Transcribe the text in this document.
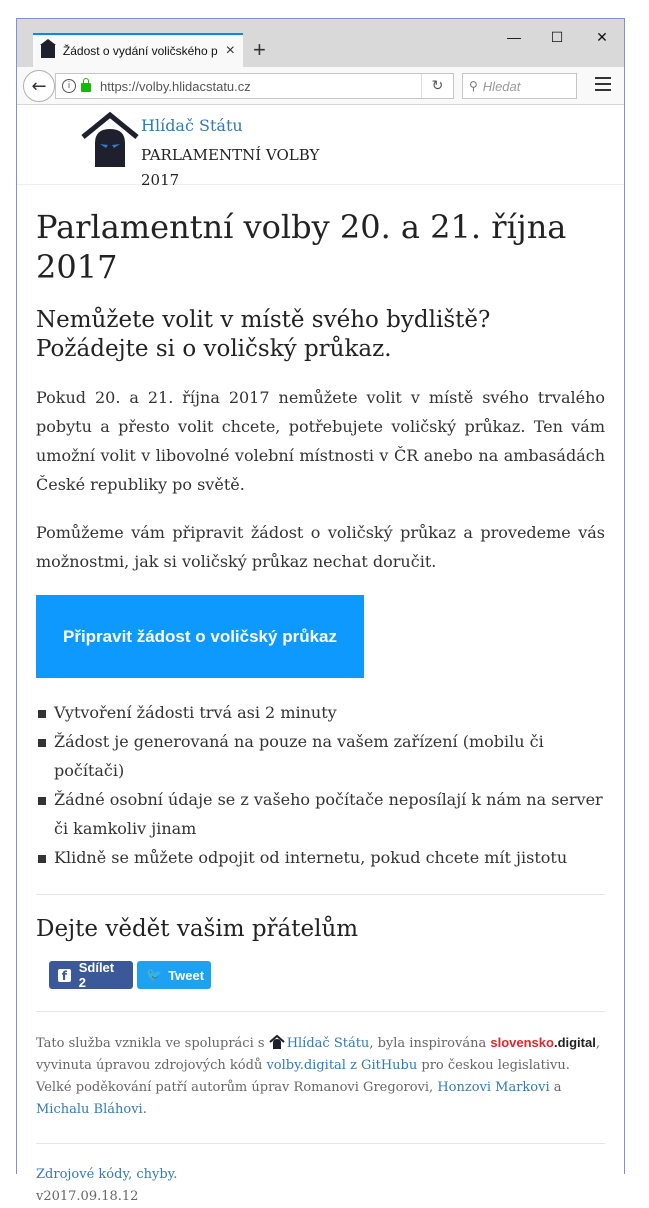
Žádost o vydání voličského p × +	— ☐ ✕
←	i	https://volby.hlidacstatu.cz	↻	⚲ Hledat
Hlídač Státu
PARLAMENTNÍ VOLBY 2017
Parlamentní volby 20. a 21. října 2017
Nemůžete volit v místě svého bydliště? Požádejte si o voličský průkaz.

Pokud 20. a 21. října 2017 nemůžete volit v místě svého trvalého pobytu a přesto volit chcete, potřebujete voličský průkaz. Ten vám umožní volit v libovolné volební místnosti v ČR anebo na ambasádách České republiky po světě.

Pomůžeme vám připravit žádost o voličský průkaz a provedeme vás možnostmi, jak si voličský průkaz nechat doručit.

Připravit žádost o voličský průkaz
Vytvoření žádosti trvá asi 2 minuty
Žádost je generovaná na pouze na vašem zařízení (mobilu či počítači)
Žádné osobní údaje se z vašeho počítače neposílají k nám na server či kamkoliv jinam
Klidně se můžete odpojit od internetu, pokud chcete mít jistotu
Dejte vědět vašim přátelům
f
Sdílet 2	🐦 Tweet

Tato služba vznikla ve spolupráci s Hlídač Státu, byla inspirována slovensko.digital, vyvinuta úpravou zdrojových kódů volby.digital z GitHubu pro českou legislativu. Velké poděkování patří autorům úprav Romanovi Gregorovi, Honzovi Markovi a Michalu Bláhovi.

Zdrojové kódy, chyby.
v2017.09.18.12
